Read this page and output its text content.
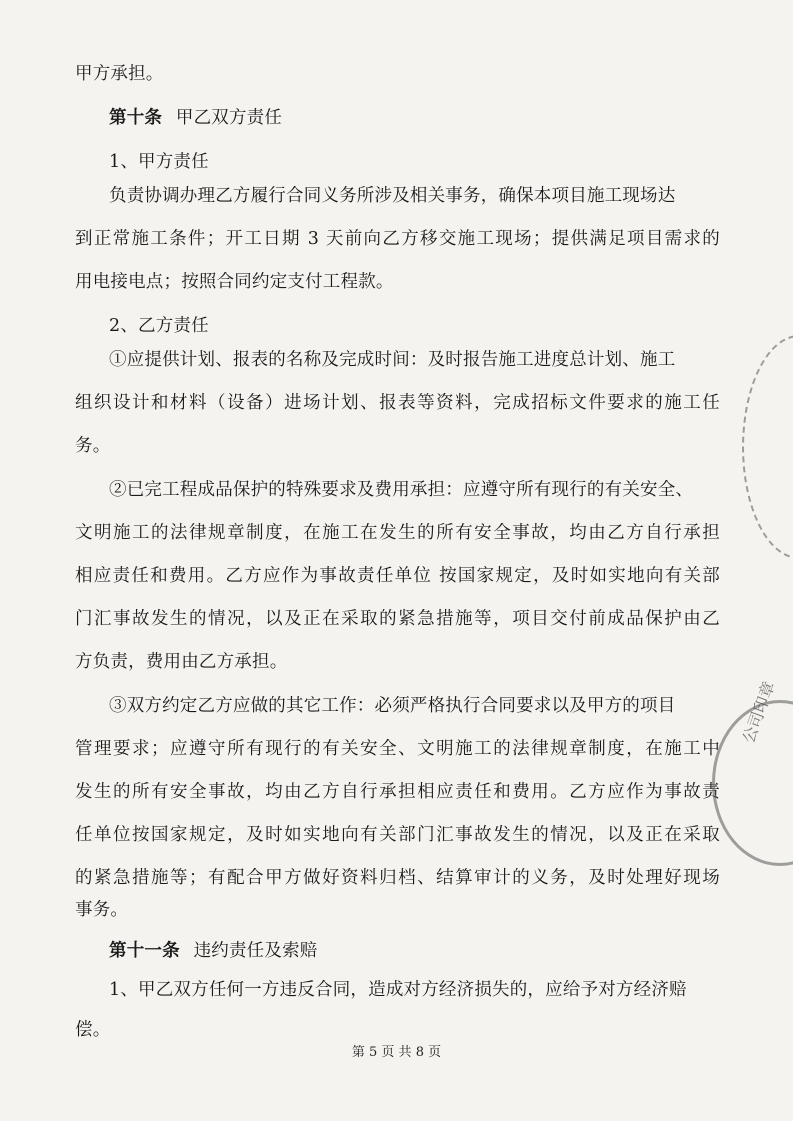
甲方承担。
第十条 甲乙双方责任
1、甲方责任
负责协调办理乙方履行合同义务所涉及相关事务，确保本项目施工现场达
到正常施工条件；开工日期 3 天前向乙方移交施工现场；提供满足项目需求的
用电接电点；按照合同约定支付工程款。
2、乙方责任
①应提供计划、报表的名称及完成时间：及时报告施工进度总计划、施工
组织设计和材料（设备）进场计划、报表等资料，完成招标文件要求的施工任
务。
②已完工程成品保护的特殊要求及费用承担：应遵守所有现行的有关安全、
文明施工的法律规章制度，在施工在发生的所有安全事故，均由乙方自行承担
相应责任和费用。乙方应作为事故责任单位 按国家规定，及时如实地向有关部
门汇事故发生的情况，以及正在采取的紧急措施等，项目交付前成品保护由乙
方负责，费用由乙方承担。
③双方约定乙方应做的其它工作：必须严格执行合同要求以及甲方的项目
管理要求；应遵守所有现行的有关安全、文明施工的法律规章制度，在施工中
发生的所有安全事故，均由乙方自行承担相应责任和费用。乙方应作为事故责
任单位按国家规定，及时如实地向有关部门汇事故发生的情况，以及正在采取
的紧急措施等；有配合甲方做好资料归档、结算审计的义务，及时处理好现场
事务。
第十一条 违约责任及索赔
1、甲乙双方任何一方违反合同，造成对方经济损失的，应给予对方经济赔
偿。
第 5 页 共 8 页
公司印章
